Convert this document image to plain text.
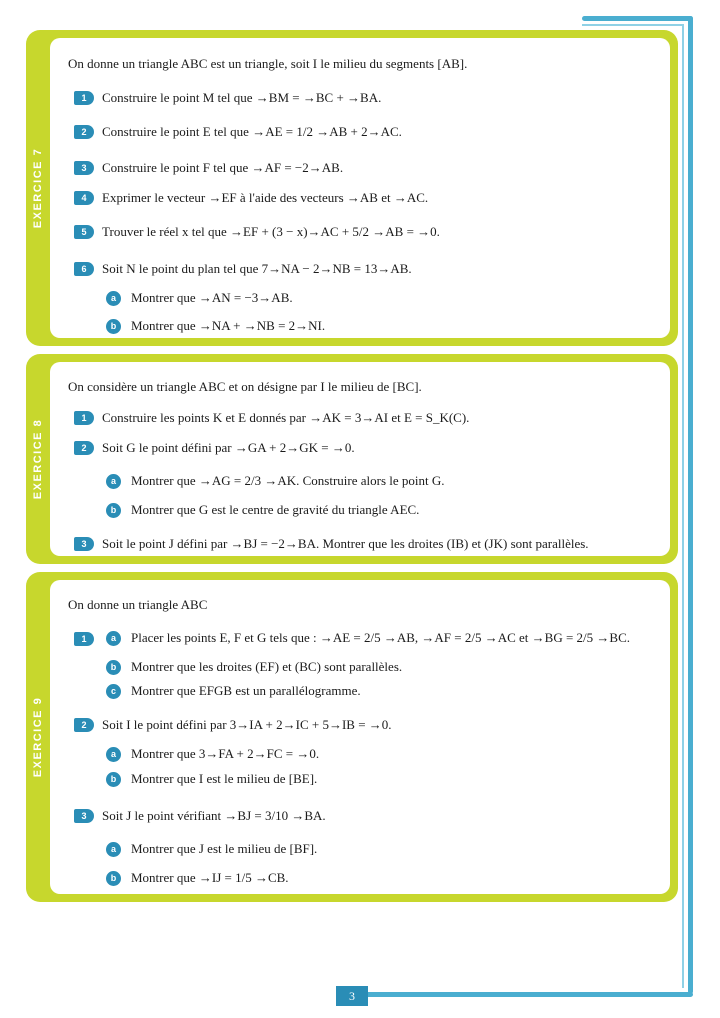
EXERCICE 7
On donne un triangle ABC est un triangle, soit I le milieu du segments [AB].
1	Construire le point M tel que →BM = →BC + →BA.
2	Construire le point E tel que →AE = 1/2 →AB + 2→AC.
3	Construire le point F tel que →AF = −2→AB.
4	Exprimer le vecteur →EF à l'aide des vecteurs →AB et →AC.
5	Trouver le réel x tel que →EF + (3 − x)→AC + 5/2 →AB = →0.
6	Soit N le point du plan tel que 7→NA − 2→NB = 13→AB.
a	Montrer que →AN = −3→AB.
b	Montrer que →NA + →NB = 2→NI.
EXERCICE 8
On considère un triangle ABC et on désigne par I le milieu de [BC].
1	Construire les points K et E donnés par →AK = 3→AI et E = S_K(C).
2	Soit G le point défini par →GA + 2→GK = →0.
a	Montrer que →AG = 2/3 →AK. Construire alors le point G.
b	Montrer que G est le centre de gravité du triangle AEC.
3	Soit le point J défini par →BJ = −2→BA. Montrer que les droites (IB) et (JK) sont parallèles.
EXERCICE 9
On donne un triangle ABC
1	a	Placer les points E, F et G tels que : →AE = 2/5 →AB, →AF = 2/5 →AC et →BG = 2/5 →BC.
b	Montrer que les droites (EF) et (BC) sont parallèles.
c	Montrer que EFGB est un parallélogramme.
2	Soit I le point défini par 3→IA + 2→IC + 5→IB = →0.
a	Montrer que 3→FA + 2→FC = →0.
b	Montrer que I est le milieu de [BE].
3	Soit J le point vérifiant →BJ = 3/10 →BA.
a	Montrer que J est le milieu de [BF].
b	Montrer que →IJ = 1/5 →CB.
3
